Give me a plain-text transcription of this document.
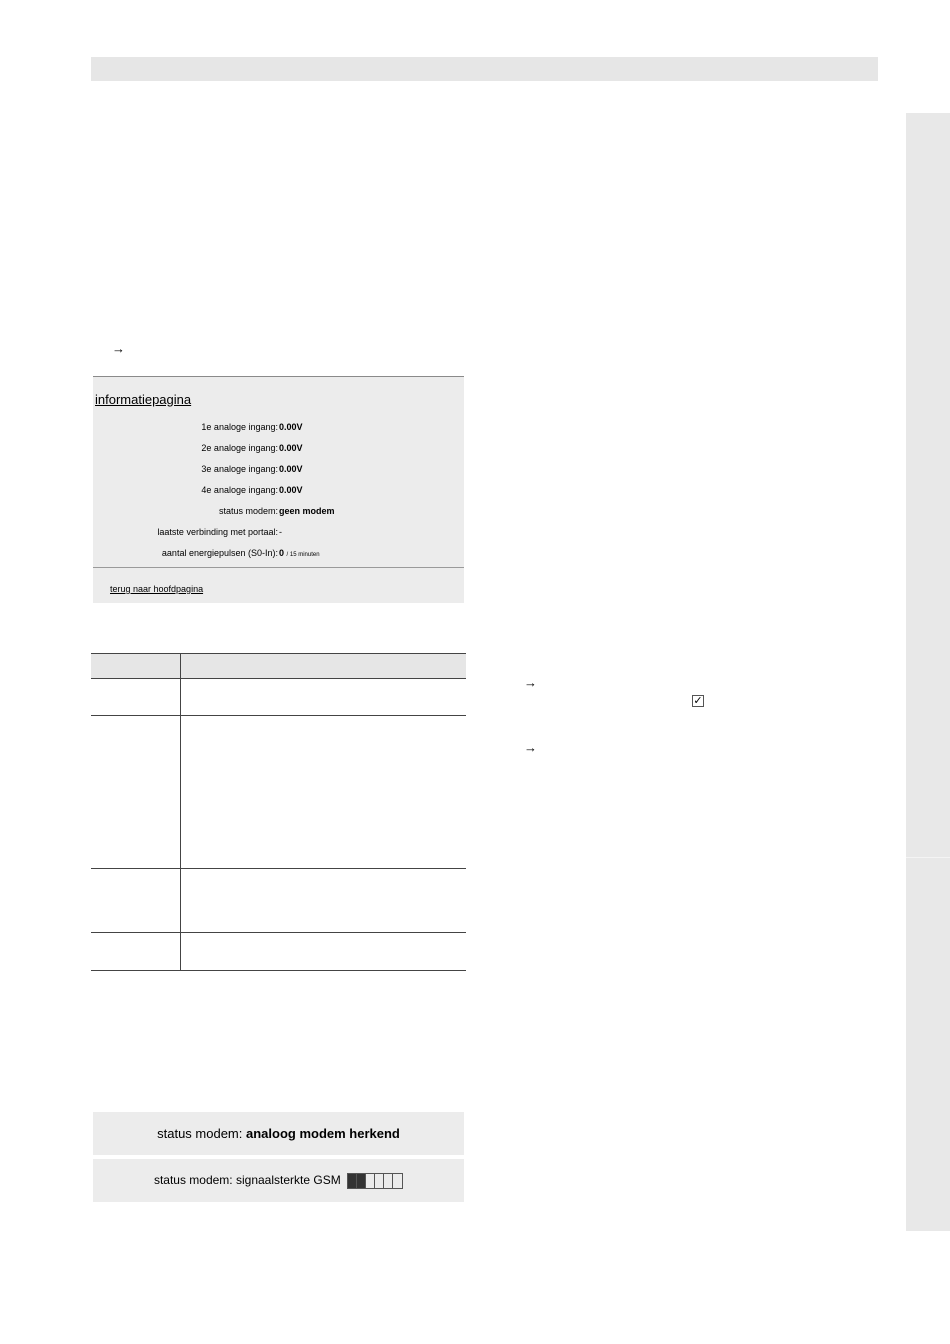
→
informatiepagina
1e analoge ingang: 0.00V
2e analoge ingang: 0.00V
3e analoge ingang: 0.00V
4e analoge ingang: 0.00V
status modem: geen modem
laatste verbinding met portaal: -
aantal energiepulsen (S0-In): 0 / 15 minuten
terug naar hoofdpagina
→
✓
→
status modem: analoog modem herkend
status modem: signaalsterkte GSM
